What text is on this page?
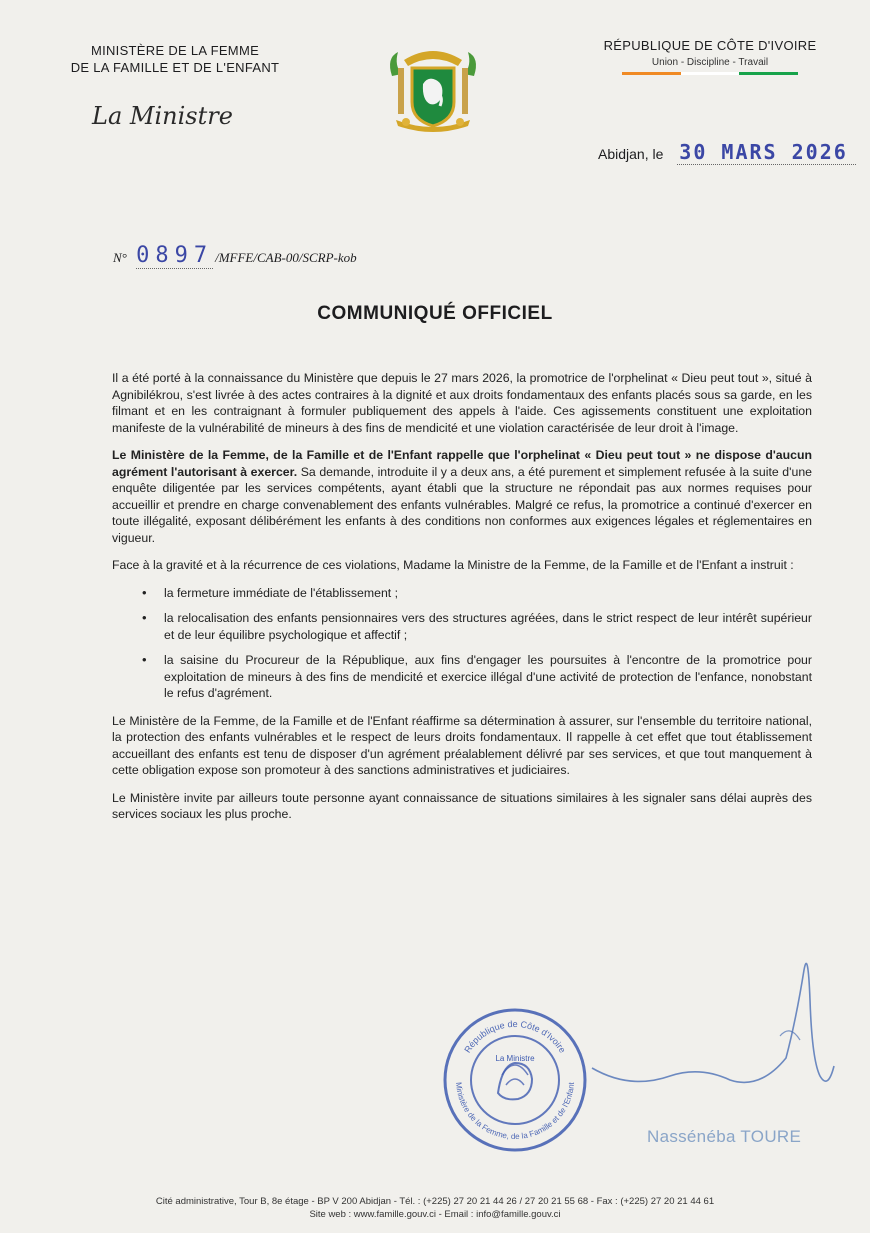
MINISTÈRE DE LA FEMME
DE LA FAMILLE ET DE L'ENFANT
La Ministre
RÉPUBLIQUE DE CÔTE D'IVOIRE
Union - Discipline - Travail
Abidjan, le 30 MARS 2026
N° 0897 /MFFE/CAB-00/SCRP-kob
COMMUNIQUÉ OFFICIEL

Il a été porté à la connaissance du Ministère que depuis le 27 mars 2026, la promotrice de l'orphelinat « Dieu peut tout », situé à Agnibilékrou, s'est livrée à des actes contraires à la dignité et aux droits fondamentaux des enfants placés sous sa garde, en les filmant et en les contraignant à formuler publiquement des appels à l'aide. Ces agissements constituent une exploitation manifeste de la vulnérabilité de mineurs à des fins de mendicité et une violation caractérisée de leur droit à l'image.

Le Ministère de la Femme, de la Famille et de l'Enfant rappelle que l'orphelinat « Dieu peut tout » ne dispose d'aucun agrément l'autorisant à exercer. Sa demande, introduite il y a deux ans, a été purement et simplement refusée à la suite d'une enquête diligentée par les services compétents, ayant établi que la structure ne répondait pas aux normes requises pour accueillir et prendre en charge convenablement des enfants vulnérables. Malgré ce refus, la promotrice a continué d'exercer en toute illégalité, exposant délibérément les enfants à des conditions non conformes aux exigences légales et réglementaires en vigueur.

Face à la gravité et à la récurrence de ces violations, Madame la Ministre de la Femme, de la Famille et de l'Enfant a instruit :

• la fermeture immédiate de l'établissement ;
• la relocalisation des enfants pensionnaires vers des structures agréées, dans le strict respect de leur intérêt supérieur et de leur équilibre psychologique et affectif ;
• la saisine du Procureur de la République, aux fins d'engager les poursuites à l'encontre de la promotrice pour exploitation de mineurs à des fins de mendicité et exercice illégal d'une activité de protection de l'enfance, nonobstant le refus d'agrément.

Le Ministère de la Femme, de la Famille et de l'Enfant réaffirme sa détermination à assurer, sur l'ensemble du territoire national, la protection des enfants vulnérables et le respect de leurs droits fondamentaux. Il rappelle à cet effet que tout établissement accueillant des enfants est tenu de disposer d'un agrément préalablement délivré par ses services, et que tout manquement à cette obligation expose son promoteur à des sanctions administratives et judiciaires.

Le Ministère invite par ailleurs toute personne ayant connaissance de situations similaires à les signaler sans délai auprès des services sociaux les plus proche.

République de Côte d'Ivoire
Ministère de la Femme, de la Famille et de l'Enfant
La Ministre
Nassénéba TOURE
Cité administrative, Tour B, 8e étage - BP V 200 Abidjan - Tél. : (+225) 27 20 21 44 26 / 27 20 21 55 68 - Fax : (+225) 27 20 21 44 61
Site web : www.famille.gouv.ci - Email : info@famille.gouv.ci
